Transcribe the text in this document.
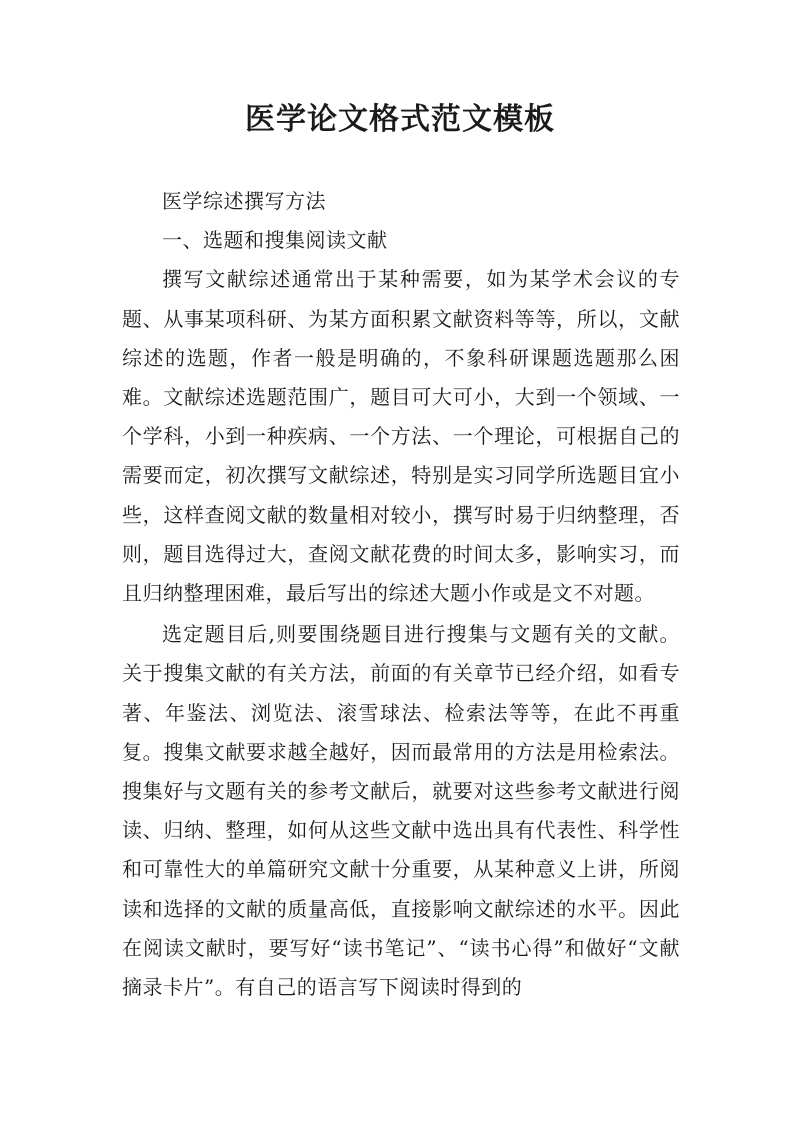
医学论文格式范文模板

医学综述撰写方法

一、选题和搜集阅读文献

撰写文献综述通常出于某种需要，如为某学术会议的专题、从事某项科研、为某方面积累文献资料等等，所以，文献综述的选题，作者一般是明确的，不象科研课题选题那么困难。文献综述选题范围广，题目可大可小，大到一个领域、一个学科，小到一种疾病、一个方法、一个理论，可根据自己的需要而定，初次撰写文献综述，特别是实习同学所选题目宜小些，这样查阅文献的数量相对较小，撰写时易于归纳整理，否则，题目选得过大，查阅文献花费的时间太多，影响实习，而且归纳整理困难，最后写出的综述大题小作或是文不对题。

选定题目后,则要围绕题目进行搜集与文题有关的文献。关于搜集文献的有关方法，前面的有关章节已经介绍，如看专著、年鉴法、浏览法、滚雪球法、检索法等等，在此不再重复。搜集文献要求越全越好，因而最常用的方法是用检索法。搜集好与文题有关的参考文献后，就要对这些参考文献进行阅读、归纳、整理，如何从这些文献中选出具有代表性、科学性和可靠性大的单篇研究文献十分重要，从某种意义上讲，所阅读和选择的文献的质量高低，直接影响文献综述的水平。因此在阅读文献时，要写好“读书笔记”、“读书心得”和做好“文献摘录卡片”。有自己的语言写下阅读时得到的
